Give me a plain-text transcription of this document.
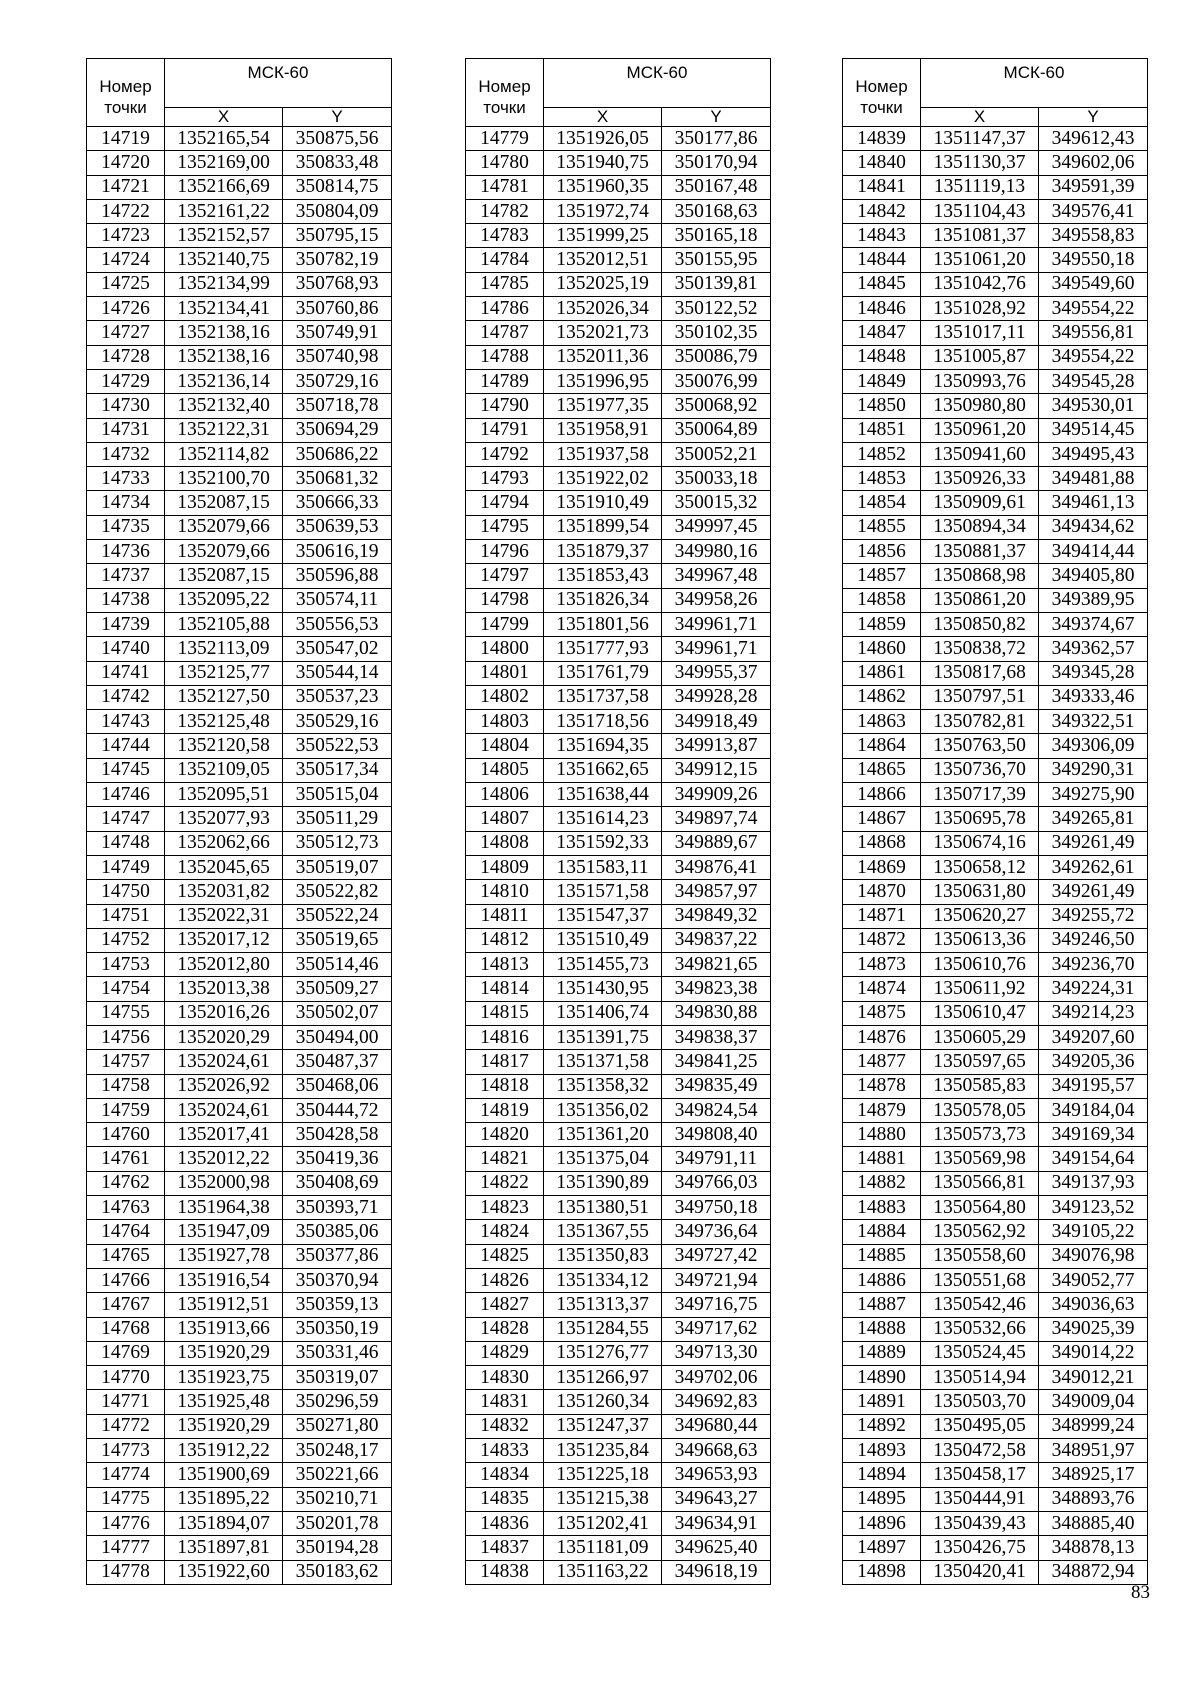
Номер точки	МСК-60	
	X	Y
14719	1352165,54	350875,56
14720	1352169,00	350833,48
14721	1352166,69	350814,75
14722	1352161,22	350804,09
14723	1352152,57	350795,15
14724	1352140,75	350782,19
14725	1352134,99	350768,93
14726	1352134,41	350760,86
14727	1352138,16	350749,91
14728	1352138,16	350740,98
14729	1352136,14	350729,16
14730	1352132,40	350718,78
14731	1352122,31	350694,29
14732	1352114,82	350686,22
14733	1352100,70	350681,32
14734	1352087,15	350666,33
14735	1352079,66	350639,53
14736	1352079,66	350616,19
14737	1352087,15	350596,88
14738	1352095,22	350574,11
14739	1352105,88	350556,53
14740	1352113,09	350547,02
14741	1352125,77	350544,14
14742	1352127,50	350537,23
14743	1352125,48	350529,16
14744	1352120,58	350522,53
14745	1352109,05	350517,34
14746	1352095,51	350515,04
14747	1352077,93	350511,29
14748	1352062,66	350512,73
14749	1352045,65	350519,07
14750	1352031,82	350522,82
14751	1352022,31	350522,24
14752	1352017,12	350519,65
14753	1352012,80	350514,46
14754	1352013,38	350509,27
14755	1352016,26	350502,07
14756	1352020,29	350494,00
14757	1352024,61	350487,37
14758	1352026,92	350468,06
14759	1352024,61	350444,72
14760	1352017,41	350428,58
14761	1352012,22	350419,36
14762	1352000,98	350408,69
14763	1351964,38	350393,71
14764	1351947,09	350385,06
14765	1351927,78	350377,86
14766	1351916,54	350370,94
14767	1351912,51	350359,13
14768	1351913,66	350350,19
14769	1351920,29	350331,46
14770	1351923,75	350319,07
14771	1351925,48	350296,59
14772	1351920,29	350271,80
14773	1351912,22	350248,17
14774	1351900,69	350221,66
14775	1351895,22	350210,71
14776	1351894,07	350201,78
14777	1351897,81	350194,28
14778	1351922,60	350183,62
Номер точки	МСК-60	
	X	Y
14779	1351926,05	350177,86
14780	1351940,75	350170,94
14781	1351960,35	350167,48
14782	1351972,74	350168,63
14783	1351999,25	350165,18
14784	1352012,51	350155,95
14785	1352025,19	350139,81
14786	1352026,34	350122,52
14787	1352021,73	350102,35
14788	1352011,36	350086,79
14789	1351996,95	350076,99
14790	1351977,35	350068,92
14791	1351958,91	350064,89
14792	1351937,58	350052,21
14793	1351922,02	350033,18
14794	1351910,49	350015,32
14795	1351899,54	349997,45
14796	1351879,37	349980,16
14797	1351853,43	349967,48
14798	1351826,34	349958,26
14799	1351801,56	349961,71
14800	1351777,93	349961,71
14801	1351761,79	349955,37
14802	1351737,58	349928,28
14803	1351718,56	349918,49
14804	1351694,35	349913,87
14805	1351662,65	349912,15
14806	1351638,44	349909,26
14807	1351614,23	349897,74
14808	1351592,33	349889,67
14809	1351583,11	349876,41
14810	1351571,58	349857,97
14811	1351547,37	349849,32
14812	1351510,49	349837,22
14813	1351455,73	349821,65
14814	1351430,95	349823,38
14815	1351406,74	349830,88
14816	1351391,75	349838,37
14817	1351371,58	349841,25
14818	1351358,32	349835,49
14819	1351356,02	349824,54
14820	1351361,20	349808,40
14821	1351375,04	349791,11
14822	1351390,89	349766,03
14823	1351380,51	349750,18
14824	1351367,55	349736,64
14825	1351350,83	349727,42
14826	1351334,12	349721,94
14827	1351313,37	349716,75
14828	1351284,55	349717,62
14829	1351276,77	349713,30
14830	1351266,97	349702,06
14831	1351260,34	349692,83
14832	1351247,37	349680,44
14833	1351235,84	349668,63
14834	1351225,18	349653,93
14835	1351215,38	349643,27
14836	1351202,41	349634,91
14837	1351181,09	349625,40
14838	1351163,22	349618,19
Номер точки	МСК-60	
	X	Y
14839	1351147,37	349612,43
14840	1351130,37	349602,06
14841	1351119,13	349591,39
14842	1351104,43	349576,41
14843	1351081,37	349558,83
14844	1351061,20	349550,18
14845	1351042,76	349549,60
14846	1351028,92	349554,22
14847	1351017,11	349556,81
14848	1351005,87	349554,22
14849	1350993,76	349545,28
14850	1350980,80	349530,01
14851	1350961,20	349514,45
14852	1350941,60	349495,43
14853	1350926,33	349481,88
14854	1350909,61	349461,13
14855	1350894,34	349434,62
14856	1350881,37	349414,44
14857	1350868,98	349405,80
14858	1350861,20	349389,95
14859	1350850,82	349374,67
14860	1350838,72	349362,57
14861	1350817,68	349345,28
14862	1350797,51	349333,46
14863	1350782,81	349322,51
14864	1350763,50	349306,09
14865	1350736,70	349290,31
14866	1350717,39	349275,90
14867	1350695,78	349265,81
14868	1350674,16	349261,49
14869	1350658,12	349262,61
14870	1350631,80	349261,49
14871	1350620,27	349255,72
14872	1350613,36	349246,50
14873	1350610,76	349236,70
14874	1350611,92	349224,31
14875	1350610,47	349214,23
14876	1350605,29	349207,60
14877	1350597,65	349205,36
14878	1350585,83	349195,57
14879	1350578,05	349184,04
14880	1350573,73	349169,34
14881	1350569,98	349154,64
14882	1350566,81	349137,93
14883	1350564,80	349123,52
14884	1350562,92	349105,22
14885	1350558,60	349076,98
14886	1350551,68	349052,77
14887	1350542,46	349036,63
14888	1350532,66	349025,39
14889	1350524,45	349014,22
14890	1350514,94	349012,21
14891	1350503,70	349009,04
14892	1350495,05	348999,24
14893	1350472,58	348951,97
14894	1350458,17	348925,17
14895	1350444,91	348893,76
14896	1350439,43	348885,40
14897	1350426,75	348878,13
14898	1350420,41	348872,94
83
